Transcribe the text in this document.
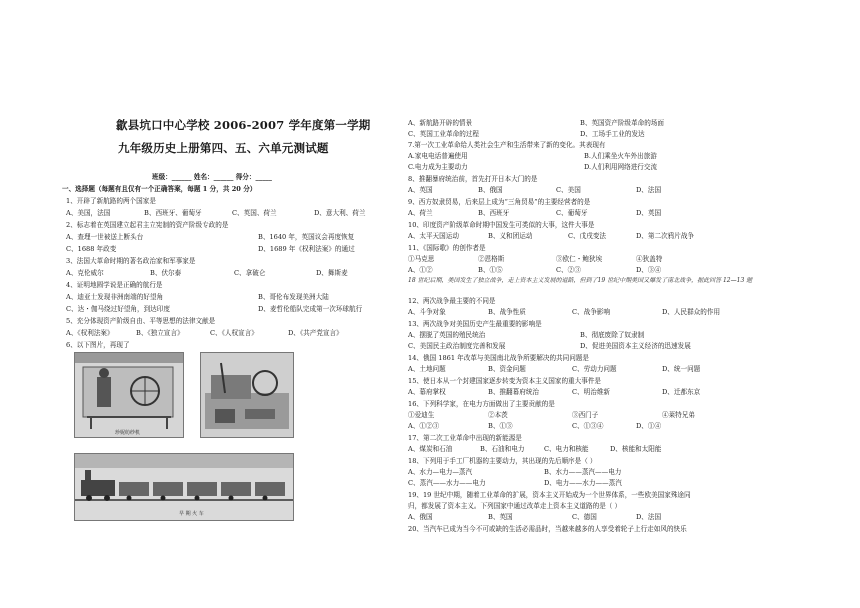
歙县坑口中心学校 2006-2007 学年度第一学期
九年级历史上册第四、五、六单元测试题
班级：______ 姓名：______ 得分：_____
一、选择题（每题有且仅有一个正确答案，每题 1 分，共 20 分）
1、开辟了新航路的两个国家是
A、美国，法国	B、西班牙、葡萄牙	C、英国、荷兰	D、意大利、荷兰
2、标志着在英国建立起君主立宪制的资产阶级专政的是
A、查理一世被送上断头台	B、1640 年，英国议会再度恢复
C、1688 年政变	D、1689 年《权利法案》的通过
3、法国大革命时期的著名政治家和军事家是
A、克伦威尔	B、伏尔泰	C、拿破仑	D、舞斯麦
4、证明地圆学说是正确的航行是
A、迪亚士发现非洲南端的好望角	B、哥伦布发现美洲大陆
C、达・伽马绕过好望角，到达印度	D、麦哲伦船队完成第一次环球航行
5、充分体现资产阶级自由、平等思想的法律文献是
A、《权利法案》	B、《独立宣言》	C、《人权宣言》	D、《共产党宣言》
6、以下图片，再现了
珍妮纺纱机
早 期 火 车
A、新航路开辟的情景	B、英国资产阶级革命的场面
C、英国工业革命的过程	D、工场手工业的发达
7.第一次工业革命给人类社会生产和生活带来了新的变化。其表现有
A.家电电话普遍使用	B.人们乘坐火车外出旅游
C.电力成为主要动力	D.人们利用网络进行交流
8、推翻暴府统治前，首先打开日本大门的是
A、英国	B、俄国	C、美国	D、法国
9、西方奴隶贸易，后来层上成为“三角贸易”的主要经营者的是
A、荷兰	B、西班牙	C、葡萄牙	D、英国
10、印度资产阶级革命时期中国发生可类似的大事，这件大事是
A、太平天国运动	B、义和团运动	C、戊戌变法	D、第二次鸦片战争
11、《国际歌》的创作者是
①马克思	②恩格斯	③欧仁・鲍狄埃	④狄盖特
A、①②	B、①⑤	C、②③	D、③④
18 世纪后期，美国发生了独立战争，走上资本主义发展的道路，但到了19 世纪中期美国又爆发了南北战争，据此回答 12—13 题
12、两次战争最主要的不同是
A、斗争对象	B、战争性质	C、战争影响	D、人民群众的作用
13、两次战争对美国历史产生最重要的影响是
A、摆脱了英国的殖民统治	B、彻底废除了奴隶制
C、美国民主政治制度完善和发展	D、促进美国资本主义经济的迅速发展
14、俄国 1861 年改革与美国南北战争所要解决的共同问题是
A、土地问题	B、资金问题	C、劳动力问题	D、统一问题
15、使日本从一个封建国家逐步转变为资本主义国家的重大事件是
A、幕府掌权	B、推翻幕府统治	C、明治维新	D、迁都东京
16、下列科学家，在电力方面做出了主要贡献的是
①爱迪生	②本茨	③西门子	④莱特兄弟
A、①②③	B、①③	C、①③④	D、①④
17、第二次工业革命中出现的新能源是
A、煤炭和石油	B、石油和电力	C、电力和核能	D、核能和太阳能
18、下列用于手工厂机器的主要动力，其出现的先后顺序是（ ）
A、水力—电力—蒸汽	B、水力——蒸汽——电力
C、蒸汽——水力——电力	D、电力——水力——蒸汽
19、19 世纪中期，随着工业革命的扩展，资本主义开始成为一个世界体系，一些欧美国家殊途同
归，都发展了资本主义。下列国家中通过改革走上资本主义道路的是（ ）
A、俄国	B、英国	C、德国	D、法国
20、当汽车已成为当今不可或缺的生活必需品时，当越来越多的人享受着轮子上行走如风的快乐
